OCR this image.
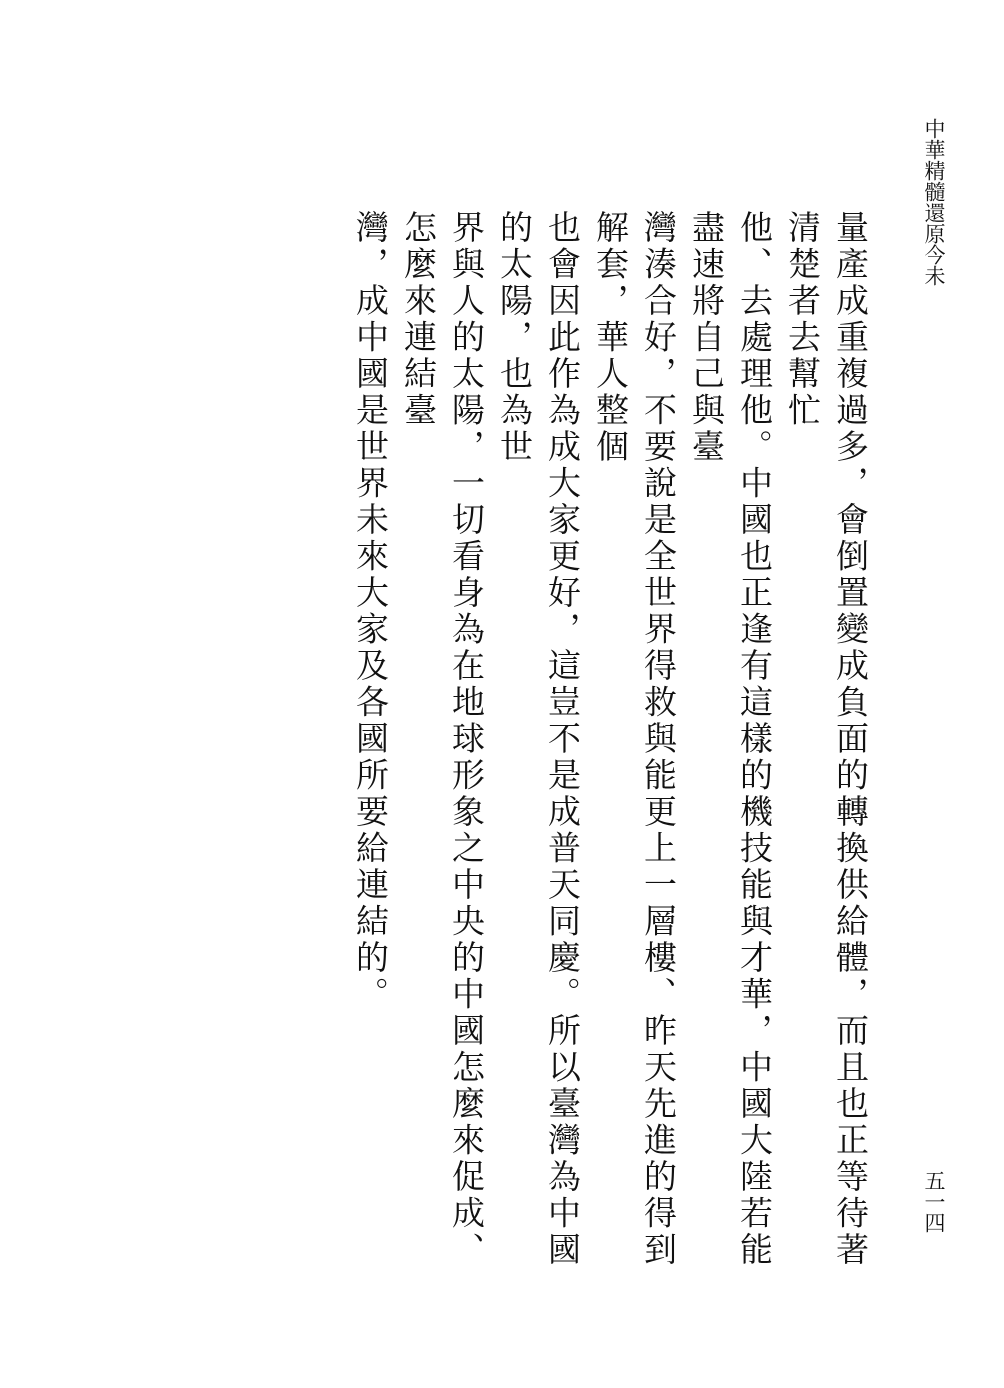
中華精髓還原今未
量產成重複過多，會倒置變成負面的轉換供給體，而且也正等待著清楚者去幫忙
他、去處理他。中國也正逢有這樣的機技能與才華，中國大陸若能盡速將自己與臺
灣湊合好，不要說是全世界得救與能更上一層樓、昨天先進的得到解套，華人整個
也會因此作為成大家更好，這豈不是成普天同慶。所以臺灣為中國的太陽，也為世
界與人的太陽，一切看身為在地球形象之中央的中國怎麼來促成、怎麼來連結臺
灣，成中國是世界未來大家及各國所要給連結的。
五一四
